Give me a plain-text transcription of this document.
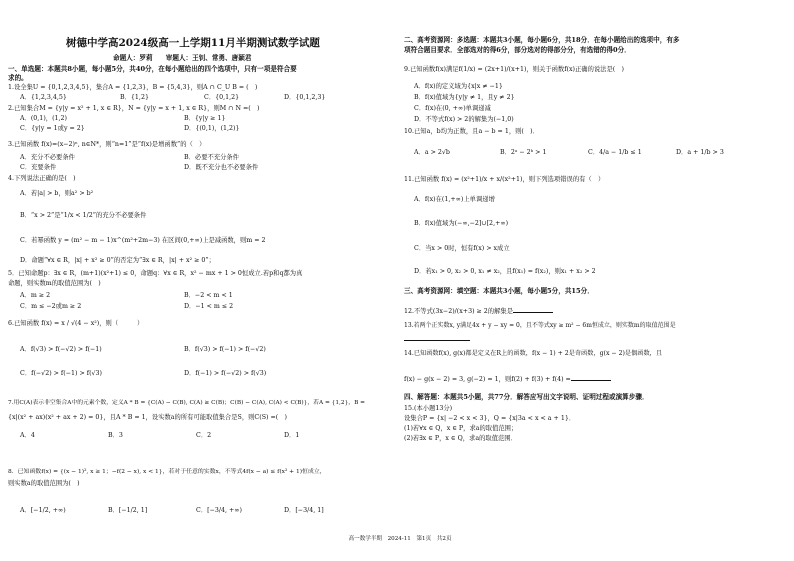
树德中学高2024级高一上学期11月半期测试数学试题
命题人：罗莉　　审题人：王钊、常勇、唐颖君
一、单选题：本题共8小题，每小题5分，共40分，在每小题给出的四个选项中，只有一项是符合要
求的。
1.设全集U = {0,1,2,3,4,5}，集合A = {1,2,3}，B = {5,4,3}，则A ∩ C_U B = (　)
A．{1,2,3,4,5}	B．{1,2}	C．{0,1,2}	D．{0,1,2,3}
2.已知集合M = {y|y = x² + 1, x ∈ R}，N = {y|y = x + 1, x ∈ R}，则M ∩ N =(　)
A．(0,1)，(1,2)	B．{y|y ≥ 1}
C．{y|y = 1或y = 2}	D．{(0,1)，(1,2)}
3.已知函数 f(x)=(x−2)ⁿ, n∈N*，则“n=1”是“f(x)是增函数”的（　）
A．充分不必要条件	B．必要不充分条件
C．充要条件	D．既不充分也不必要条件
4.下列说法正确的是(　)
A．若|a| > b，则a² > b²
B．“x > 2”是“1/x < 1/2”的充分不必要条件
C．若幂函数 y = (m² − m − 1)x^(m²+2m−3) 在区间(0,+∞)上是减函数，则m = 2
D．命题“∀x ∈ R，|x| + x² ≥ 0”的否定为“∃x ∈ R，|x| + x² ≥ 0”；
5．已知命题p：∃x ∈ R，(m+1)(x²+1) ≤ 0，命题q：∀x ∈ R，x² − mx + 1 > 0恒成立.若p和q都为真
命题，则实数m的取值范围为(　)
A．m ≥ 2	B．−2 < m < 1
C．m ≤ −2或m ≥ 2	D．−1 < m ≤ 2
6.已知函数 f(x) = x / √(4 − x²)，则（　　　）
A．f(√3) > f(−√2) > f(−1)	B．f(√3) > f(−1) > f(−√2)
C．f(−√2) > f(−1) > f(√3)	D．f(−1) > f(−√2) > f(√3)
7.用C(A)表示非空集合A中的元素个数，定义A * B = {C(A) − C(B), C(A) ≥ C(B)；C(B) − C(A), C(A) < C(B)}，若A = {1,2}，B =
{x|(x² + ax)(x² + ax + 2) = 0}，且A * B = 1，设实数a的所有可能取值集合是S，则C(S) =(　)
A．4	B．3	C．2	D．1
8．已知函数f(x) = {(x − 1)², x ≥ 1；−f(2 − x), x < 1}，若对于任意的实数x，不等式4f(x − a) ≤ f(x² + 1)恒成立，
则实数a的取值范围为(　)
A．[−1/2, +∞)	B．[−1/2, 1]	C．[−3/4, +∞)	D．[−3/4, 1]
二、高考资源网：多选题：本题共3小题，每小题6分，共18分．在每小题给出的选项中，有多
项符合题目要求．全部选对的得6分，部分选对的得部分分，有选错的得0分．
9.已知函数f(x)满足f(1/x) = (2x+1)/(x+1)，则关于函数f(x)正确的说法是(　)
A．f(x)的定义域为{x|x ≠ −1}
B．f(x)值域为{y|y ≠ 1，且y ≠ 2}
C．f(x)在(0, +∞)单调递减
D．不等式f(x) > 2的解集为(−1,0)
10.已知a，b均为正数，且a − b = 1，则(　)．
A．a > 2√b	B．2ᵃ − 2ᵇ > 1	C．4/a − 1/b ≤ 1	D．a + 1/b > 3
11.已知函数 f(x) = (x²+1)/x + x/(x²+1)，则下列选项错误的有（　）
A．f(x)在(1,+∞)上单调递增
B．f(x)值域为(−∞,−2]∪[2,+∞)
C．当x > 0时，恒有f(x) > x成立
D．若x₁ > 0, x₂ > 0, x₁ ≠ x₂，且f(x₁) = f(x₂)，则x₁ + x₂ > 2
三、高考资源网：填空题：本题共3小题，每小题5分，共15分．
12.不等式(3x−2)/(x+3) ≥ 2的解集是
13.若两个正实数x, y满足4x + y − xy = 0，且不等式xy ≥ m² − 6m恒成立，则实数m的取值范围是
14.已知函数f(x), g(x)都是定义在R上的函数，f(x − 1) + 2是奇函数，g(x − 2)是偶函数，且
f(x) − g(x − 2) = 3, g(−2) = 1，则f(2) + f(3) + f(4) =
四、解答题：本题共5小题，共77分．解答应写出文字说明、证明过程或演算步骤．
15.(本小题13分)
设集合P = {x| −2 < x < 3}，Q = {x|3a < x < a + 1}．
(1)若∀x ∈ Q，x ∈ P，求a的取值范围；
(2)若∃x ∈ P，x ∈ Q，求a的取值范围．
高一数学半期　2024-11　第1页　共2页
